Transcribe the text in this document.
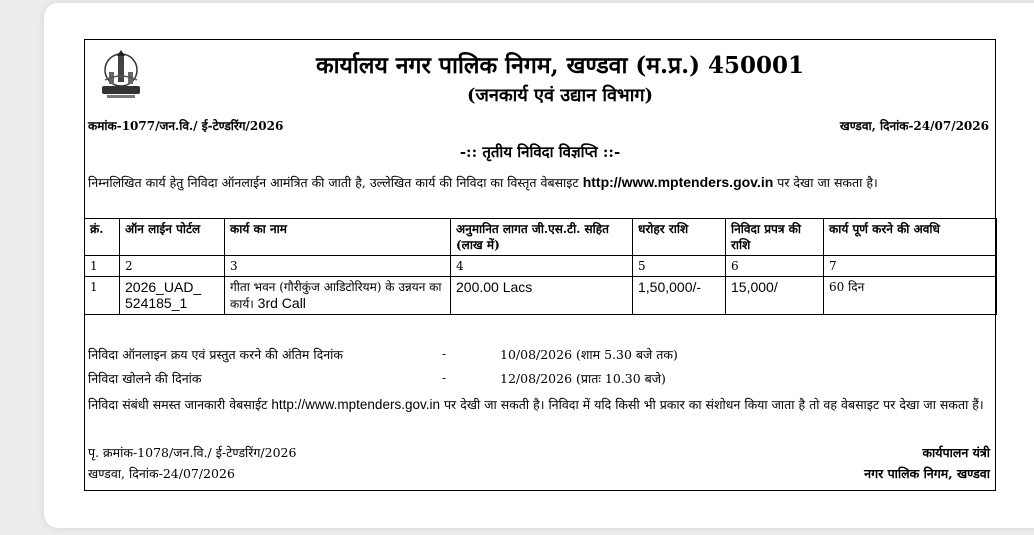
कार्यालय नगर पालिक निगम, खण्डवा (म.प्र.) 450001
(जनकार्य एवं उद्यान विभाग)
कमांक-1077/जन.वि./ ई-टेण्डरिंग/2026	खण्डवा, दिनांक-24/07/2026
-:: तृतीय निविदा विज्ञप्ति ::-
निम्नलिखित कार्य हेतु निविदा ऑनलाईन आमंत्रित की जाती है, उल्लेखित कार्य की निविदा का विस्तृत वेबसाइट http://www.mptenders.gov.in पर देखा जा सकता है।
क्रं.	ऑन लाईन पोर्टल	कार्य का नाम	अनुमानित लागत जी.एस.टी. सहित (लाख में)	धरोहर राशि	निविदा प्रपत्र की राशि	कार्य पूर्ण करने की अवधि
1	2	3	4	5	6	7
1	2026_UAD_ 524185_1	गीता भवन (गौरीकुंज आडिटोरियम) के उन्नयन का कार्य। 3rd Call	200.00 Lacs	1,50,000/-	15,000/	60 दिन
निविदा ऑनलाइन क्रय एवं प्रस्तुत करने की अंतिम दिनांक	-	10/08/2026 (शाम 5.30 बजे तक)
निविदा खोलने की दिनांक	-	12/08/2026 (प्रातः 10.30 बजे)
निविदा संबंधी समस्त जानकारी वेबसाईट http://www.mptenders.gov.in पर देखी जा सकती है। निविदा में यदि किसी भी प्रकार का संशोधन किया जाता है तो वह वेबसाइट पर देखा जा सकता हैं।
पृ. क्रमांक-1078/जन.वि./ ई-टेण्डरिंग/2026
खण्डवा, दिनांक-24/07/2026
कार्यपालन यंत्री
नगर पालिक निगम, खण्डवा
